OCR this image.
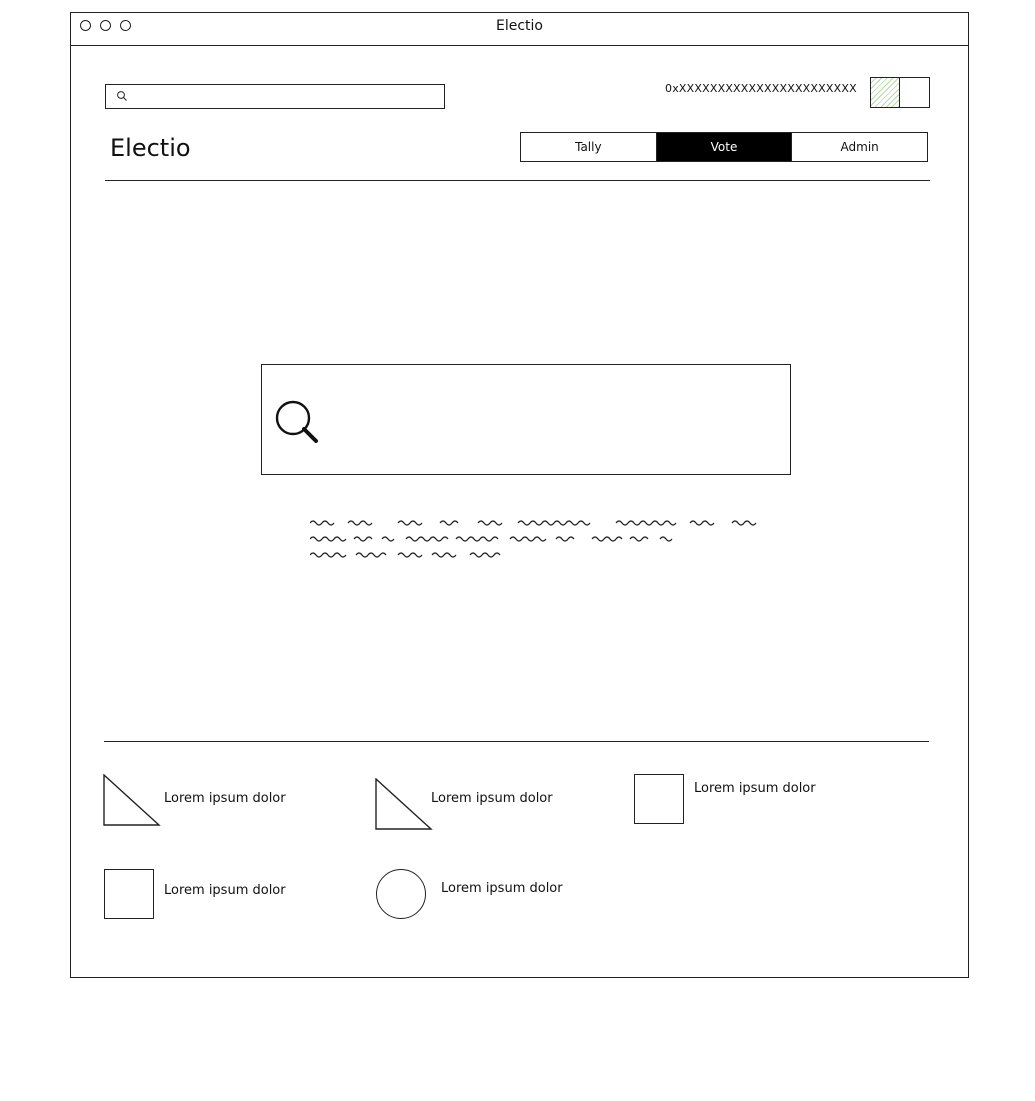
Electio
0xXXXXXXXXXXXXXXXXXXXXXXX
Electio	Tally	Vote	Admin
Lorem ipsum dolor	Lorem ipsum dolor
Lorem ipsum dolor
Lorem ipsum dolor	Lorem ipsum dolor
